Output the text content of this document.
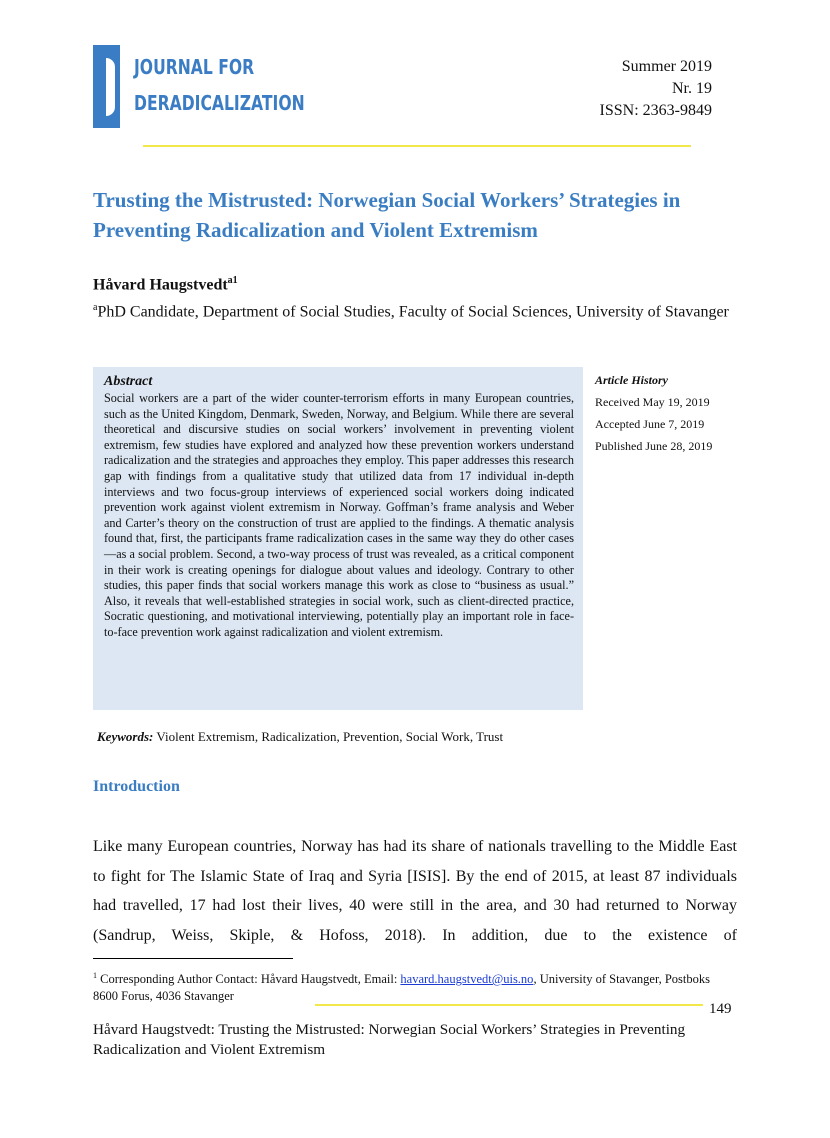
JOURNAL FOR
DERADICALIZATION
Summer 2019
Nr. 19
ISSN: 2363-9849
Trusting the Mistrusted: Norwegian Social Workers’ Strategies in Preventing Radicalization and Violent Extremism
Håvard Haugstvedt$^{a1}$
$^a$PhD Candidate, Department of Social Studies, Faculty of Social Sciences, University of Stavanger
Abstract
Social workers are a part of the wider counter-terrorism efforts in many European countries, such as the United Kingdom, Denmark, Sweden, Norway, and Belgium. While there are several theoretical and discursive studies on social workers’ involvement in preventing violent extremism, few studies have explored and analyzed how these prevention workers understand radicalization and the strategies and approaches they employ. This paper addresses this research gap with findings from a qualitative study that utilized data from 17 individual in-depth interviews and two focus-group interviews of experienced social workers doing indicated prevention work against violent extremism in Norway. Goffman’s frame analysis and Weber and Carter’s theory on the construction of trust are applied to the findings. A thematic analysis found that, first, the participants frame radicalization cases in the same way they do other cases—as a social problem. Second, a two-way process of trust was revealed, as a critical component in their work is creating openings for dialogue about values and ideology. Contrary to other studies, this paper finds that social workers manage this work as close to “business as usual.” Also, it reveals that well-established strategies in social work, such as client-directed practice, Socratic questioning, and motivational interviewing, potentially play an important role in face-to-face prevention work against radicalization and violent extremism.
Article History
Received May 19, 2019
Accepted June 7, 2019
Published June 28, 2019
Keywords: Violent Extremism, Radicalization, Prevention, Social Work, Trust
Introduction
Like many European countries, Norway has had its share of nationals travelling to the Middle East to fight for The Islamic State of Iraq and Syria [ISIS]. By the end of 2015, at least 87 individuals had travelled, 17 had lost their lives, 40 were still in the area, and 30 had returned to Norway (Sandrup, Weiss, Skiple, & Hofoss, 2018). In addition, due to the existence of
$^1$ Corresponding Author Contact: Håvard Haugstvedt, Email: havard.haugstvedt@uis.no, University of Stavanger, Postboks 8600 Forus, 4036 Stavanger
149
Håvard Haugstvedt: Trusting the Mistrusted: Norwegian Social Workers’ Strategies in Preventing Radicalization and Violent Extremism
